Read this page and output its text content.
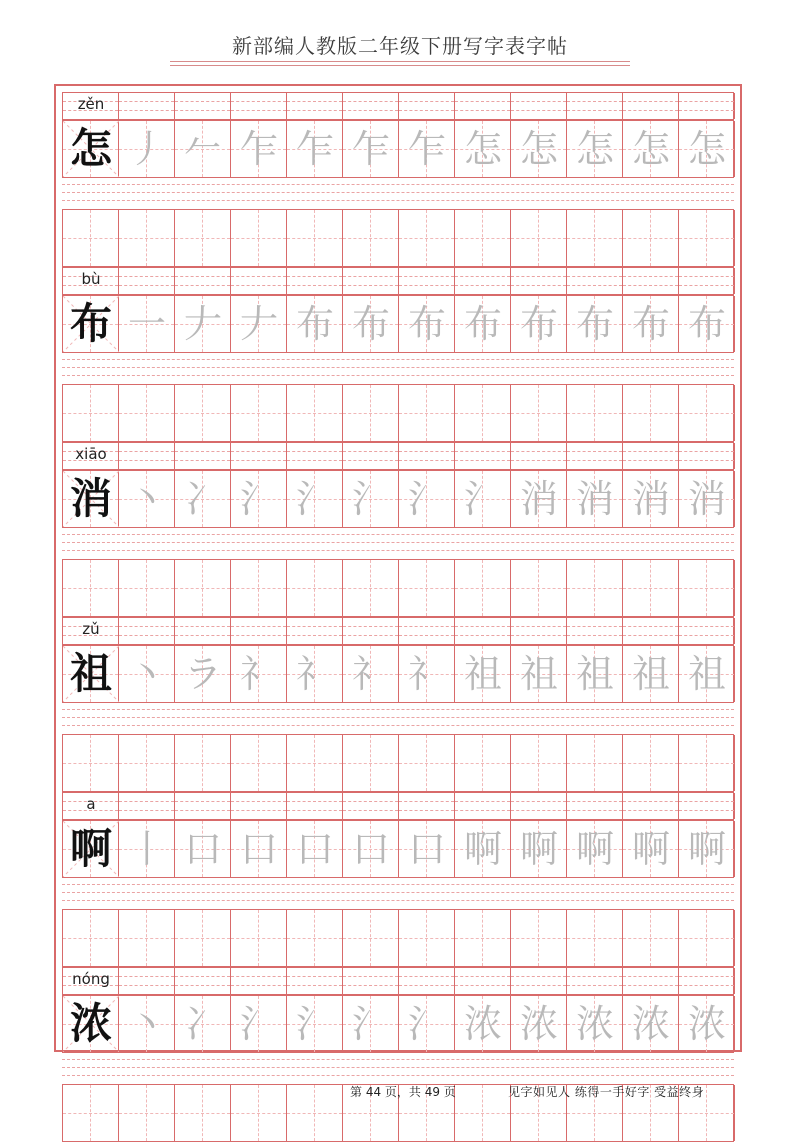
新部编人教版二年级下册写字表字帖
zěn
怎 丿 𠂉 乍 乍 乍 乍 怎 怎 怎 怎 怎
bù
布 一 𠂇 𠂇 布 布 布 布 布 布 布 布
xiāo
消 丶 冫 氵 氵 氵 氵 氵 消 消 消 消
zǔ
祖 丶 ラ 礻 礻 礻 礻 祖 祖 祖 祖 祖
a
啊 丨 口 口 口 口 口 啊 啊 啊 啊 啊
nóng
浓 丶 冫 氵 氵 氵 氵 浓 浓 浓 浓 浓
第 44 页，共 49 页	见字如见人 练得一手好字 受益终身
